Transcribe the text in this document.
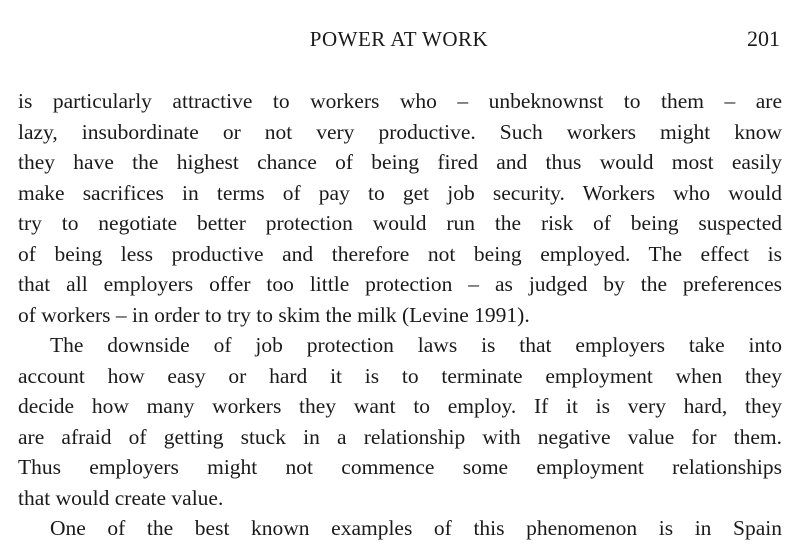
POWER AT WORK	201
is particularly attractive to workers who – unbeknownst to them – are
lazy, insubordinate or not very productive. Such workers might know
they have the highest chance of being fired and thus would most easily
make sacrifices in terms of pay to get job security. Workers who would
try to negotiate better protection would run the risk of being suspected
of being less productive and therefore not being employed. The effect is
that all employers offer too little protection – as judged by the preferences
of workers – in order to try to skim the milk (Levine 1991).
The downside of job protection laws is that employers take into
account how easy or hard it is to terminate employment when they
decide how many workers they want to employ. If it is very hard, they
are afraid of getting stuck in a relationship with negative value for them.
Thus employers might not commence some employment relationships
that would create value.
One of the best known examples of this phenomenon is in Spain
